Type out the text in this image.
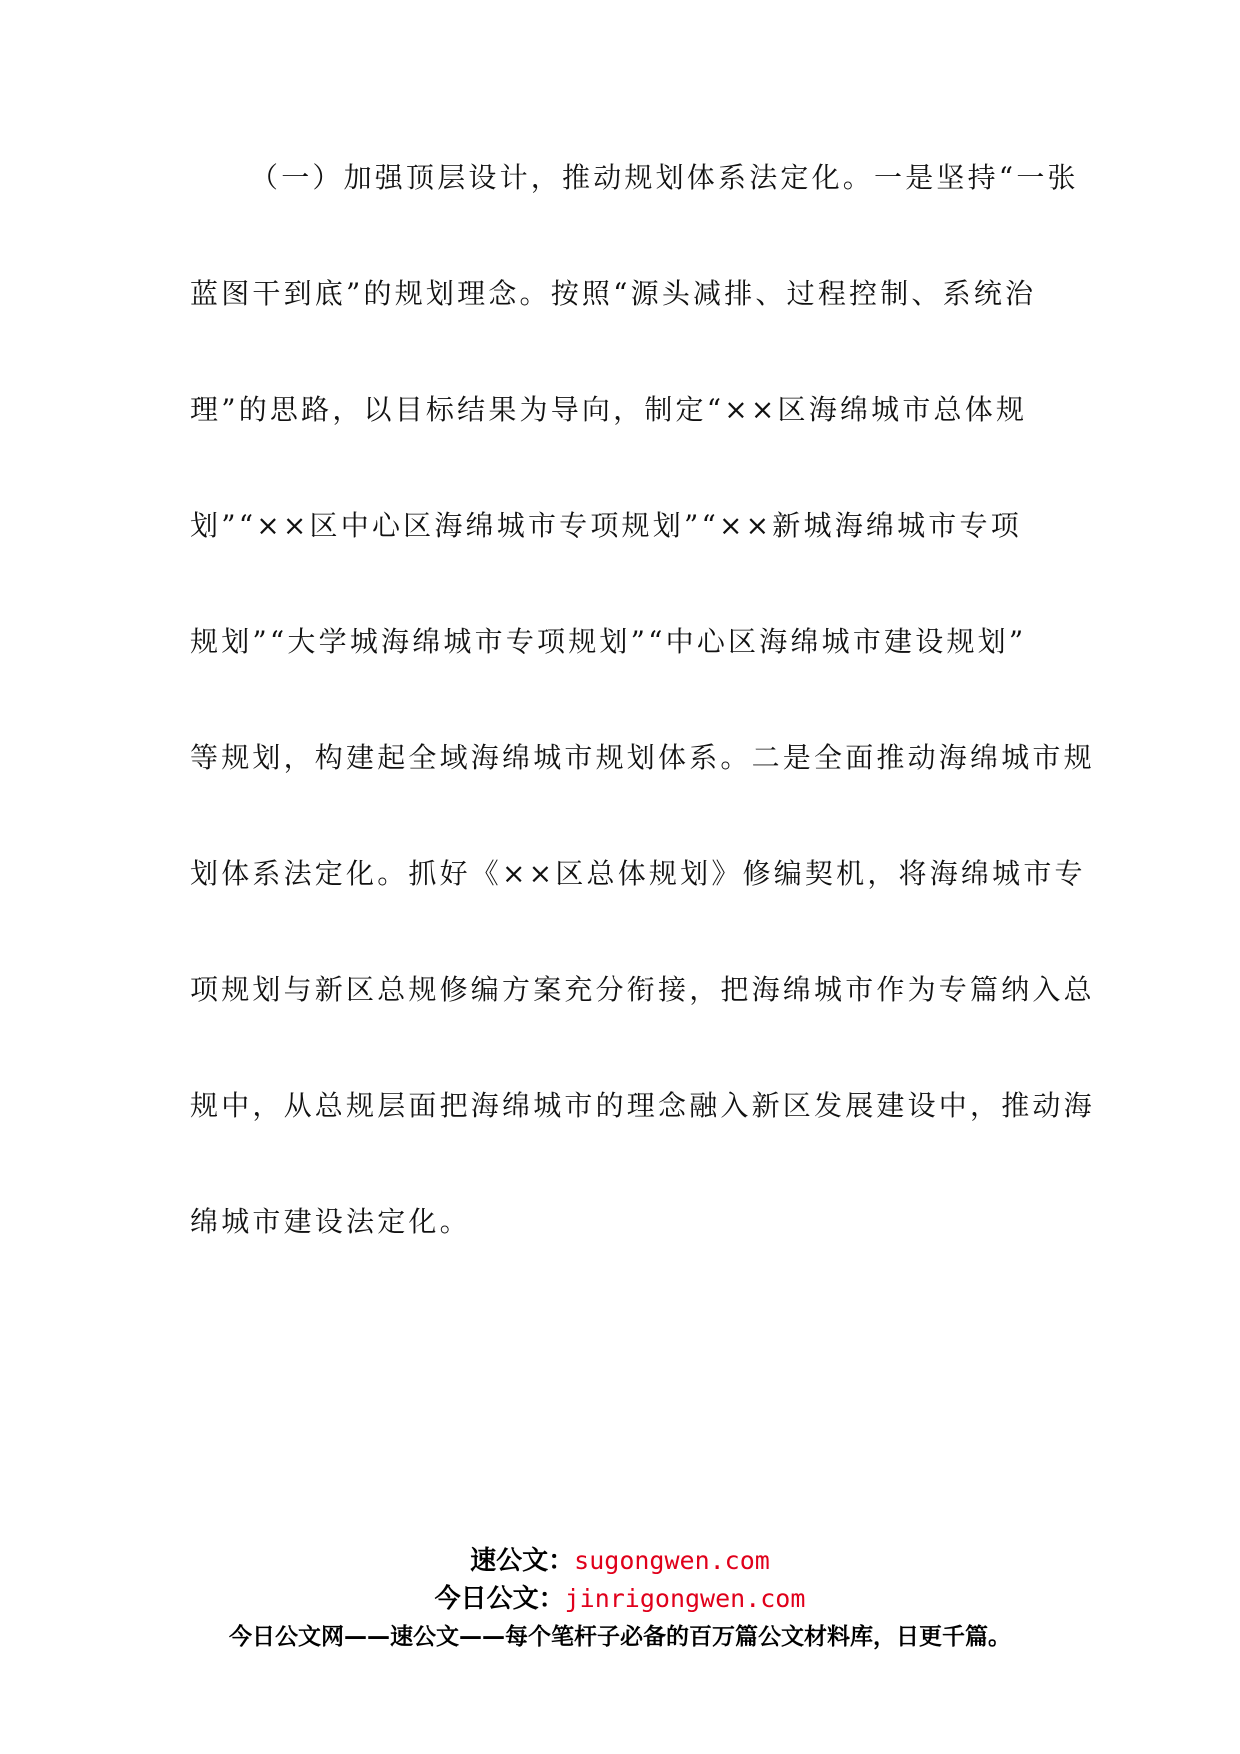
（一）加强顶层设计，推动规划体系法定化。一是坚持“一张
蓝图干到底”的规划理念。按照“源头减排、过程控制、系统治
理”的思路，以目标结果为导向，制定“××区海绵城市总体规
划”“××区中心区海绵城市专项规划”“××新城海绵城市专项
规划”“大学城海绵城市专项规划”“中心区海绵城市建设规划”
等规划，构建起全域海绵城市规划体系。二是全面推动海绵城市规
划体系法定化。抓好《××区总体规划》修编契机，将海绵城市专
项规划与新区总规修编方案充分衔接，把海绵城市作为专篇纳入总
规中，从总规层面把海绵城市的理念融入新区发展建设中，推动海
绵城市建设法定化。
速公文：sugongwen.com
今日公文：jinrigongwen.com
今日公文网——速公文——每个笔杆子必备的百万篇公文材料库，日更千篇。
